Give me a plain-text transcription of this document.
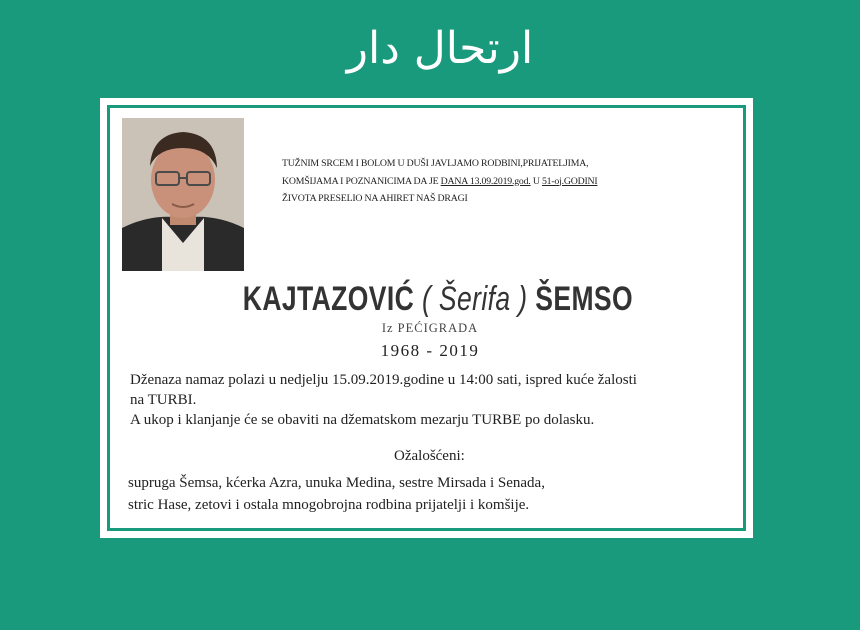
ارتحال دار
TUŽNIM SRCEM I BOLOM U DUŠI JAVLJAMO RODBINI,PRIJATELJIMA,
KOMŠIJAMA I POZNANICIMA DA JE DANA 13.09.2019.god. U 51-oj.GODINI
ŽIVOTA PRESELIO NA AHIRET NAŠ DRAGI
KAJTAZOVIĆ ( Šerifa ) ŠEMSO
Iz PEĆIGRADA
1968 - 2019

Dženaza namaz polazi u nedjelju 15.09.2019.godine u 14:00 sati, ispred kuće žalosti

na TURBI.

A ukop i klanjanje će se obaviti na džematskom mezarju TURBE po dolasku.

Ožalošćeni:
supruga Šemsa, kćerka Azra, unuka Medina, sestre Mirsada i Senada,
stric Hase, zetovi i ostala mnogobrojna rodbina prijatelji i komšije.
